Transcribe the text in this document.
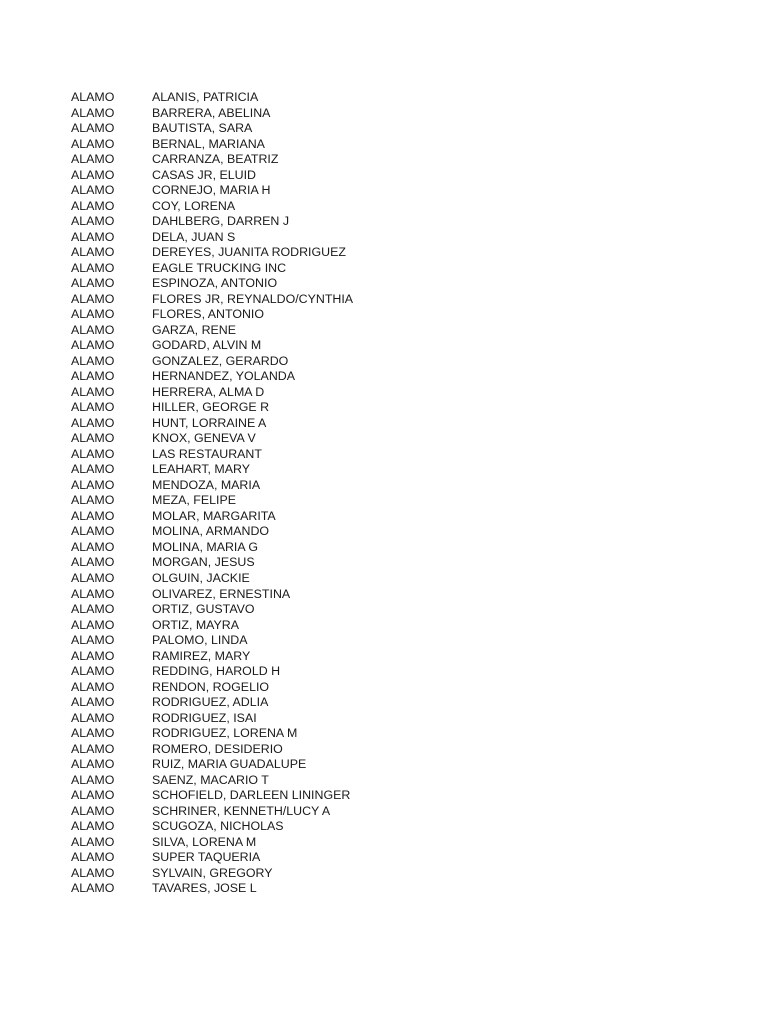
ALAMO	ALANIS, PATRICIA
ALAMO	BARRERA, ABELINA
ALAMO	BAUTISTA, SARA
ALAMO	BERNAL, MARIANA
ALAMO	CARRANZA, BEATRIZ
ALAMO	CASAS JR, ELUID
ALAMO	CORNEJO, MARIA H
ALAMO	COY, LORENA
ALAMO	DAHLBERG, DARREN J
ALAMO	DELA, JUAN S
ALAMO	DEREYES, JUANITA RODRIGUEZ
ALAMO	EAGLE TRUCKING INC
ALAMO	ESPINOZA, ANTONIO
ALAMO	FLORES JR, REYNALDO/CYNTHIA
ALAMO	FLORES, ANTONIO
ALAMO	GARZA, RENE
ALAMO	GODARD, ALVIN M
ALAMO	GONZALEZ, GERARDO
ALAMO	HERNANDEZ, YOLANDA
ALAMO	HERRERA, ALMA D
ALAMO	HILLER, GEORGE R
ALAMO	HUNT, LORRAINE A
ALAMO	KNOX, GENEVA V
ALAMO	LAS RESTAURANT
ALAMO	LEAHART, MARY
ALAMO	MENDOZA, MARIA
ALAMO	MEZA, FELIPE
ALAMO	MOLAR, MARGARITA
ALAMO	MOLINA, ARMANDO
ALAMO	MOLINA, MARIA G
ALAMO	MORGAN, JESUS
ALAMO	OLGUIN, JACKIE
ALAMO	OLIVAREZ, ERNESTINA
ALAMO	ORTIZ, GUSTAVO
ALAMO	ORTIZ, MAYRA
ALAMO	PALOMO, LINDA
ALAMO	RAMIREZ, MARY
ALAMO	REDDING, HAROLD H
ALAMO	RENDON, ROGELIO
ALAMO	RODRIGUEZ, ADLIA
ALAMO	RODRIGUEZ, ISAI
ALAMO	RODRIGUEZ, LORENA M
ALAMO	ROMERO, DESIDERIO
ALAMO	RUIZ, MARIA GUADALUPE
ALAMO	SAENZ, MACARIO T
ALAMO	SCHOFIELD, DARLEEN LININGER
ALAMO	SCHRINER, KENNETH/LUCY A
ALAMO	SCUGOZA, NICHOLAS
ALAMO	SILVA, LORENA M
ALAMO	SUPER TAQUERIA
ALAMO	SYLVAIN, GREGORY
ALAMO	TAVARES, JOSE L
